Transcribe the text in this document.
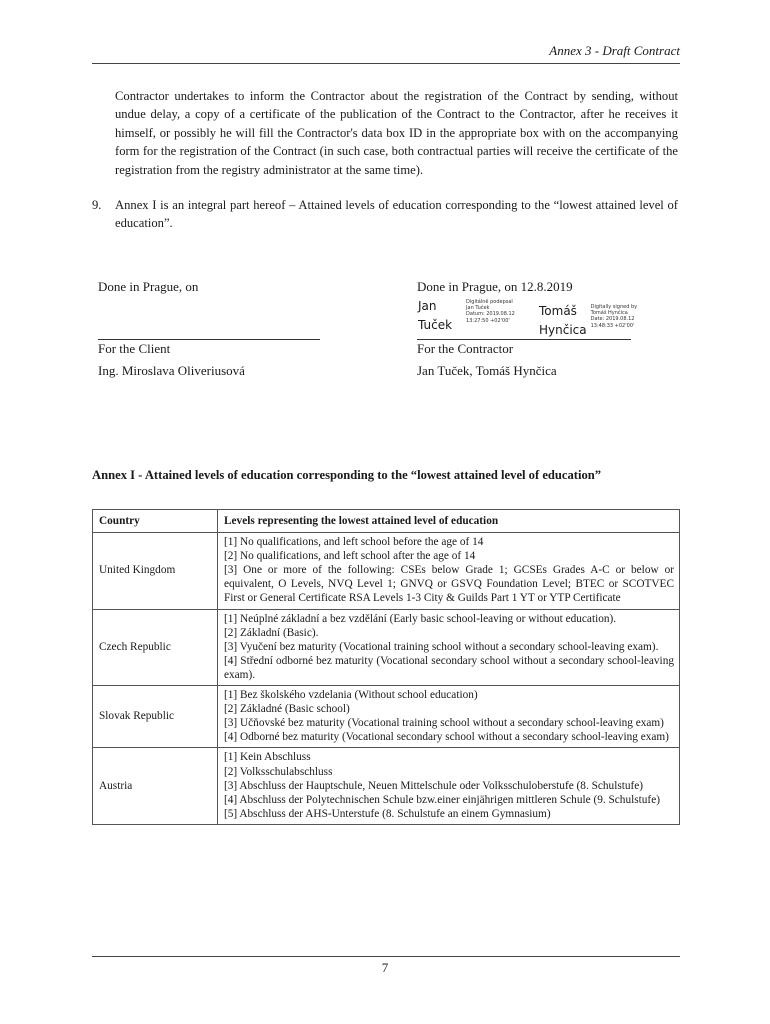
Annex 3 - Draft Contract
Contractor undertakes to inform the Contractor about the registration of the Contract by sending, without undue delay, a copy of a certificate of the publication of the Contract to the Contractor, after he receives it himself, or possibly he will fill the Contractor's data box ID in the appropriate box with on the accompanying form for the registration of the Contract (in such case, both contractual parties will receive the certificate of the registration from the registry administrator at the same time).
9. Annex I is an integral part hereof – Attained levels of education corresponding to the “lowest attained level of education”.
Done in Prague, on
For the Client
Ing. Miroslava Oliveriusová
Done in Prague, on 12.8.2019
Jan
Tuček
Digitálně podepsal
Jan Tuček
Datum: 2019.08.12
13:27:50 +02'00'
Tomáš
Hynčica
Digitally signed by
Tomáš Hynčica
Date: 2019.08.12
13:48:33 +02'00'
For the Contractor
Jan Tuček, Tomáš Hynčica
Annex I - Attained levels of education corresponding to the “lowest attained level of education”
Country	Levels representing the lowest attained level of education
United Kingdom	[1] No qualifications, and left school before the age of 14
[2] No qualifications, and left school after the age of 14
[3] One or more of the following: CSEs below Grade 1; GCSEs Grades A-C or below or equivalent, O Levels, NVQ Level 1; GNVQ or GSVQ Foundation Level; BTEC or SCOTVEC First or General Certificate RSA Levels 1-3 City & Guilds Part 1 YT or YTP Certificate

Czech Republic	[1] Neúplné základní a bez vzdělání (Early basic school-leaving or without education).
[2] Základní (Basic).
[3] Vyučení bez maturity (Vocational training school without a secondary school-leaving exam).
[4] Střední odborné bez maturity (Vocational secondary school without a secondary school-leaving exam).

Slovak Republic	[1] Bez školského vzdelania (Without school education)
[2] Základné (Basic school)
[3] Učňovské bez maturity (Vocational training school without a secondary school-leaving exam)
[4] Odborné bez maturity (Vocational secondary school without a secondary school-leaving exam)

Austria	[1] Kein Abschluss
[2] Volksschulabschluss
[3] Abschluss der Hauptschule, Neuen Mittelschule oder Volksschuloberstufe (8. Schulstufe)
[4] Abschluss der Polytechnischen Schule bzw.einer einjährigen mittleren Schule (9. Schulstufe)
[5] Abschluss der AHS-Unterstufe (8. Schulstufe an einem Gymnasium)
7
